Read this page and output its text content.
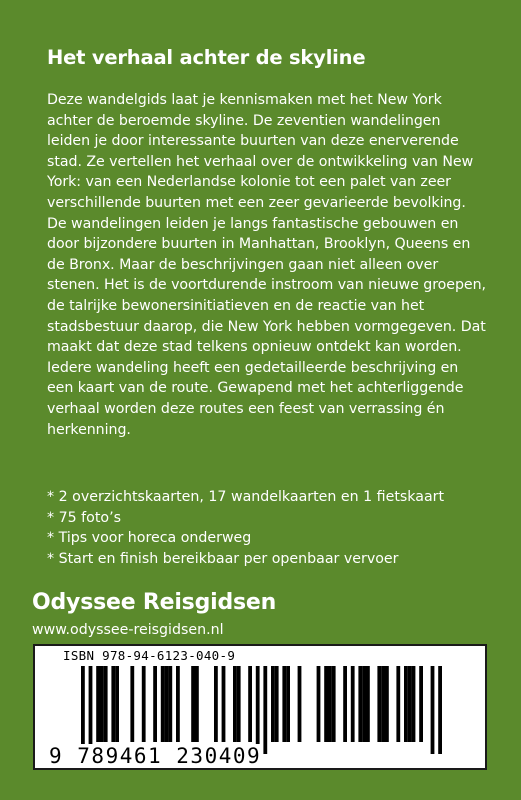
Het verhaal achter de skyline

Deze wandelgids laat je kennismaken met het New York achter de beroemde skyline. De zeventien wandelingen leiden je door interessante buurten van deze enerverende stad. Ze vertellen het verhaal over de ontwikkeling van New York: van een Nederlandse kolonie tot een palet van zeer verschillende buurten met een zeer gevarieerde bevolking.

De wandelingen leiden je langs fantastische gebouwen en door bijzondere buurten in Manhattan, Brooklyn, Queens en de Bronx. Maar de beschrijvingen gaan niet alleen over stenen. Het is de voortdurende instroom van nieuwe groepen, de talrijke bewonersinitiatieven en de reactie van het stadsbestuur daarop, die New York hebben vormgegeven. Dat maakt dat deze stad telkens opnieuw ontdekt kan worden. Iedere wandeling heeft een gedetailleerde beschrijving en een kaart van de route. Gewapend met het achterliggende verhaal worden deze routes een feest van verrassing én herkenning.

* 2 overzichtskaarten, 17 wandelkaarten en 1 fietskaart
* 75 foto’s
* Tips voor horeca onderweg
* Start en finish bereikbaar per openbaar vervoer
Odyssee Reisgidsen
www.odyssee-reisgidsen.nl
ISBN 978-94-6123-040-9
9 789461 230409
